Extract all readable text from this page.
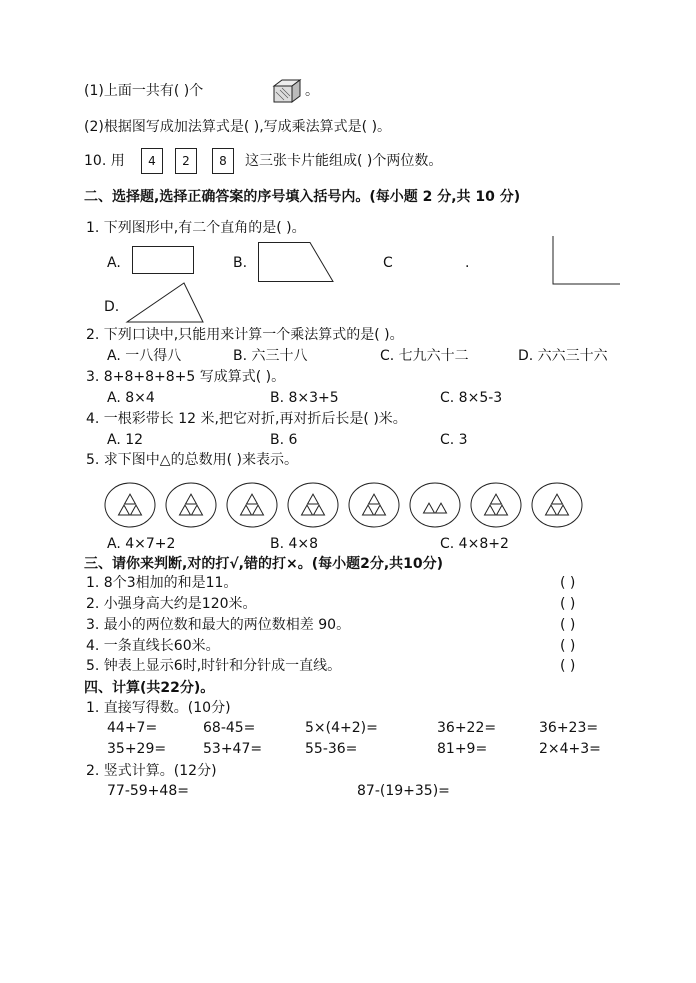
(1)上面一共有( )个	。
(2)根据图写成加法算式是( ),写成乘法算式是( )。
10. 用	4	2	8	这三张卡片能组成( )个两位数。
二、选择题,选择正确答案的序号填入括号内。(每小题 2 分,共 10 分)
1. 下列图形中,有二个直角的是( )。
A.	B.	C	.
D.
2. 下列口诀中,只能用来计算一个乘法算式的是( )。
A. 一八得八	B. 六三十八	C. 七九六十二	D. 六六三十六
3. 8+8+8+8+5 写成算式( )。
A. 8×4	B. 8×3+5	C. 8×5-3
4. 一根彩带长 12 米,把它对折,再对折后长是( )米。
A. 12	B. 6	C. 3
5. 求下图中△的总数用( )来表示。
A. 4×7+2	B. 4×8	C. 4×8+2
三、请你来判断,对的打√,错的打×。(每小题2分,共10分)
1. 8个3相加的和是11。	( )
2. 小强身高大约是120米。	( )
3. 最小的两位数和最大的两位数相差 90。	( )
4. 一条直线长60米。	( )
5. 钟表上显示6时,时针和分针成一直线。	( )
四、计算(共22分)。
1. 直接写得数。(10分)
44+7=	68-45=	5×(4+2)=	36+22=	36+23=
35+29=	53+47=	55-36=	81+9=	2×4+3=
2. 竖式计算。(12分)
77-59+48=	87-(19+35)=
